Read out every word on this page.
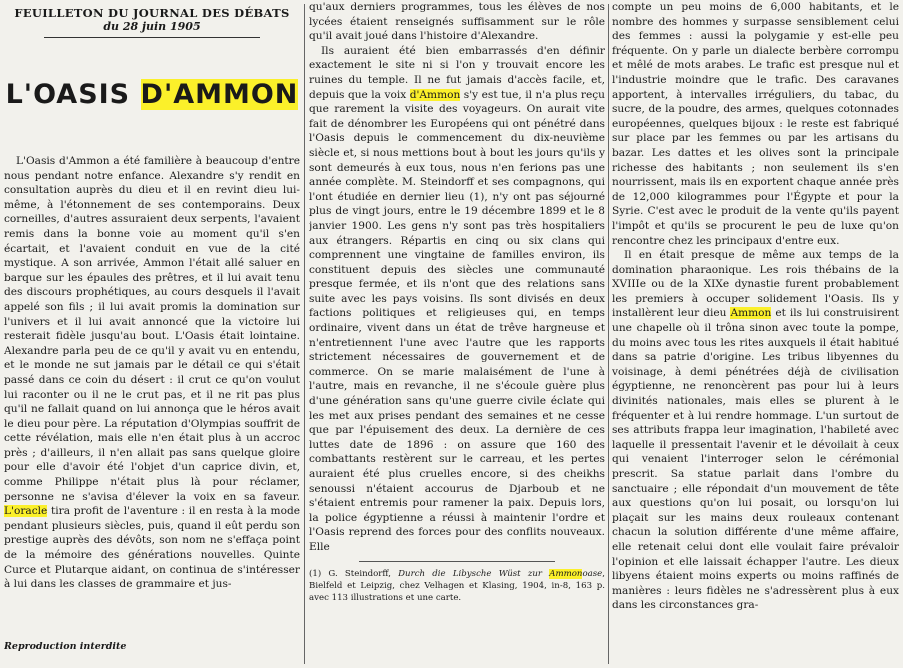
FEUILLETON DU JOURNAL DES DÉBATS
du 28 juin 1905
L'OASIS D'AMMON

L'Oasis d'Ammon a été familière à beaucoup d'entre nous pendant notre enfance. Alexandre s'y rendit en consultation auprès du dieu et il en revint dieu lui-même, à l'étonnement de ses contemporains. Deux corneilles, d'autres assuraient deux serpents, l'avaient remis dans la bonne voie au moment qu'il s'en écartait, et l'avaient conduit en vue de la cité mystique. A son arrivée, Ammon l'était allé saluer en barque sur les épaules des prêtres, et il lui avait tenu des discours prophétiques, au cours desquels il l'avait appelé son fils ; il lui avait promis la domination sur l'univers et il lui avait annoncé que la victoire lui resterait fidèle jusqu'au bout. L'Oasis était lointaine. Alexandre parla peu de ce qu'il y avait vu en entendu, et le monde ne sut jamais par le détail ce qui s'était passé dans ce coin du désert : il crut ce qu'on voulut lui raconter ou il ne le crut pas, et il ne rit pas plus qu'il ne fallait quand on lui annonça que le héros avait le dieu pour père. La réputation d'Olympias souffrit de cette révélation, mais elle n'en était plus à un accroc près ; d'ailleurs, il n'en allait pas sans quelque gloire pour elle d'avoir été l'objet d'un caprice divin, et, comme Philippe n'était plus là pour réclamer, personne ne s'avisa d'élever la voix en sa faveur. L'oracle tira profit de l'aventure : il en resta à la mode pendant plusieurs siècles, puis, quand il eût perdu son prestige auprès des dévôts, son nom ne s'effaça point de la mémoire des générations nouvelles. Quinte Curce et Plutarque aidant, on continua de s'intéresser à lui dans les classes de grammaire et jus-

Reproduction interdite

qu'aux derniers programmes, tous les élèves de nos lycées étaient renseignés suffisamment sur le rôle qu'il avait joué dans l'histoire d'Alexandre.

Ils auraient été bien embarrassés d'en définir exactement le site ni si l'on y trouvait encore les ruines du temple. Il ne fut jamais d'accès facile, et, depuis que la voix d'Ammon s'y est tue, il n'a plus reçu que rarement la visite des voyageurs. On aurait vite fait de dénombrer les Européens qui ont pénétré dans l'Oasis depuis le commencement du dix-neuvième siècle et, si nous mettions bout à bout les jours qu'ils y sont demeurés à eux tous, nous n'en ferions pas une année complète. M. Steindorff et ses compagnons, qui l'ont étudiée en dernier lieu (1), n'y ont pas séjourné plus de vingt jours, entre le 19 décembre 1899 et le 8 janvier 1900. Les gens n'y sont pas très hospitaliers aux étrangers. Répartis en cinq ou six clans qui comprennent une vingtaine de familles environ, ils constituent depuis des siècles une communauté presque fermée, et ils n'ont que des relations sans suite avec les pays voisins. Ils sont divisés en deux factions politiques et religieuses qui, en temps ordinaire, vivent dans un état de trêve hargneuse et n'entretiennent l'une avec l'autre que les rapports strictement nécessaires de gouvernement et de commerce. On se marie malaisément de l'une à l'autre, mais en revanche, il ne s'écoule guère plus d'une génération sans qu'une guerre civile éclate qui les met aux prises pendant des semaines et ne cesse que par l'épuisement des deux. La dernière de ces luttes date de 1896 : on assure que 160 des combattants restèrent sur le carreau, et les pertes auraient été plus cruelles encore, si des cheikhs senoussi n'étaient accourus de Djarboub et ne s'étaient entremis pour ramener la paix. Depuis lors, la police égyptienne a réussi à maintenir l'ordre et l'Oasis reprend des forces pour des conflits nouveaux. Elle

(1) G. Steindorff, Durch die Libysche Wüst zur Ammonoase, Bielfeld et Leipzig, chez Velhagen et Klasing, 1904, in-8, 163 p. avec 113 illustrations et une carte.

compte un peu moins de 6,000 habitants, et le nombre des hommes y surpasse sensiblement celui des femmes : aussi la polygamie y est-elle peu fréquente. On y parle un dialecte berbère corrompu et mêlé de mots arabes. Le trafic est presque nul et l'industrie moindre que le trafic. Des caravanes apportent, à intervalles irréguliers, du tabac, du sucre, de la poudre, des armes, quelques cotonnades européennes, quelques bijoux : le reste est fabriqué sur place par les femmes ou par les artisans du bazar. Les dattes et les olives sont la principale richesse des habitants ; non seulement ils s'en nourrissent, mais ils en exportent chaque année près de 12,000 kilogrammes pour l'Égypte et pour la Syrie. C'est avec le produit de la vente qu'ils payent l'impôt et qu'ils se procurent le peu de luxe qu'on rencontre chez les principaux d'entre eux.

Il en était presque de même aux temps de la domination pharaonique. Les rois thébains de la XVIIIe ou de la XIXe dynastie furent probablement les premiers à occuper solidement l'Oasis. Ils y installèrent leur dieu Ammon et ils lui construisirent une chapelle où il trôna sinon avec toute la pompe, du moins avec tous les rites auxquels il était habitué dans sa patrie d'origine. Les tribus libyennes du voisinage, à demi pénétrées déjà de civilisation égyptienne, ne renoncèrent pas pour lui à leurs divinités nationales, mais elles se plurent à le fréquenter et à lui rendre hommage. L'un surtout de ses attributs frappa leur imagination, l'habileté avec laquelle il pressentait l'avenir et le dévoilait à ceux qui venaient l'interroger selon le cérémonial prescrit. Sa statue parlait dans l'ombre du sanctuaire ; elle répondait d'un mouvement de tête aux questions qu'on lui posait, ou lorsqu'on lui plaçait sur les mains deux rouleaux contenant chacun la solution différente d'une même affaire, elle retenait celui dont elle voulait faire prévaloir l'opinion et elle laissait échapper l'autre. Les dieux libyens étaient moins experts ou moins raffinés de manières : leurs fidèles ne s'adressèrent plus à eux dans les circonstances gra-
